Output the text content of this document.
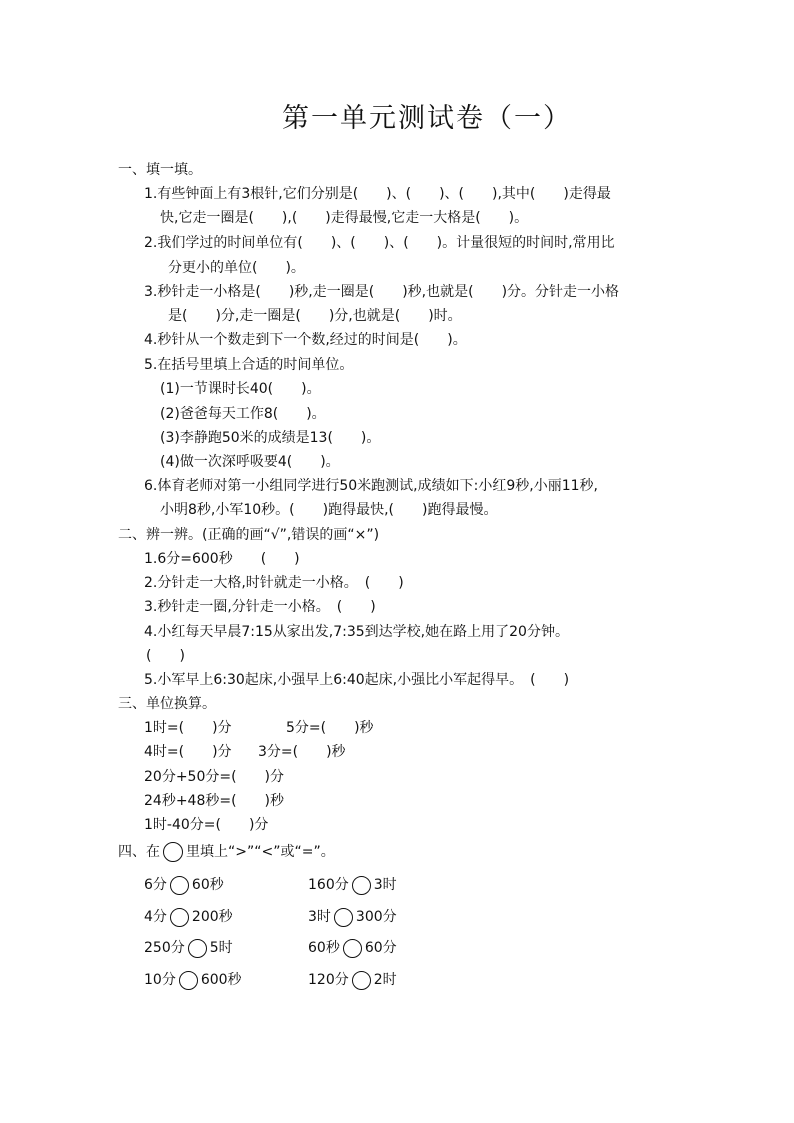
第一单元测试卷（一）
一、填一填。
1.有些钟面上有3根针,它们分别是(　　)、(　　)、(　　),其中(　　)走得最
快,它走一圈是(　　),(　　)走得最慢,它走一大格是(　　)。
2.我们学过的时间单位有(　　)、(　　)、(　　)。计量很短的时间时,常用比
分更小的单位(　　)。
3.秒针走一小格是(　　)秒,走一圈是(　　)秒,也就是(　　)分。分针走一小格
是(　　)分,走一圈是(　　)分,也就是(　　)时。
4.秒针从一个数走到下一个数,经过的时间是(　　)。
5.在括号里填上合适的时间单位。
(1)一节课时长40(　　)。
(2)爸爸每天工作8(　　)。
(3)李静跑50米的成绩是13(　　)。
(4)做一次深呼吸要4(　　)。
6.体育老师对第一小组同学进行50米跑测试,成绩如下:小红9秒,小丽11秒,
小明8秒,小军10秒。(　　)跑得最快,(　　)跑得最慢。
二、辨一辨。(正确的画“√”,错误的画“×”)
1.6分=600秒　　(　　)
2.分针走一大格,时针就走一小格。　(　　)
3.秒针走一圈,分针走一小格。　(　　)
4.小红每天早晨7:15从家出发,7:35到达学校,她在路上用了20分钟。
(　　)
5.小军早上6:30起床,小强早上6:40起床,小强比小军起得早。　(　　)
三、单位换算。
1时=(　　)分	5分=(　　)秒
4时=(　　)分 3分=(　　)秒
20分+50分=(　　)分
24秒+48秒=(　　)秒
1时-40分=(　　)分
四、在 里填上“>”“<”或“=”。
6分 60秒	160分 3时
4分 200秒	3时 300分
250分 5时	60秒 60分
10分 600秒	120分 2时
